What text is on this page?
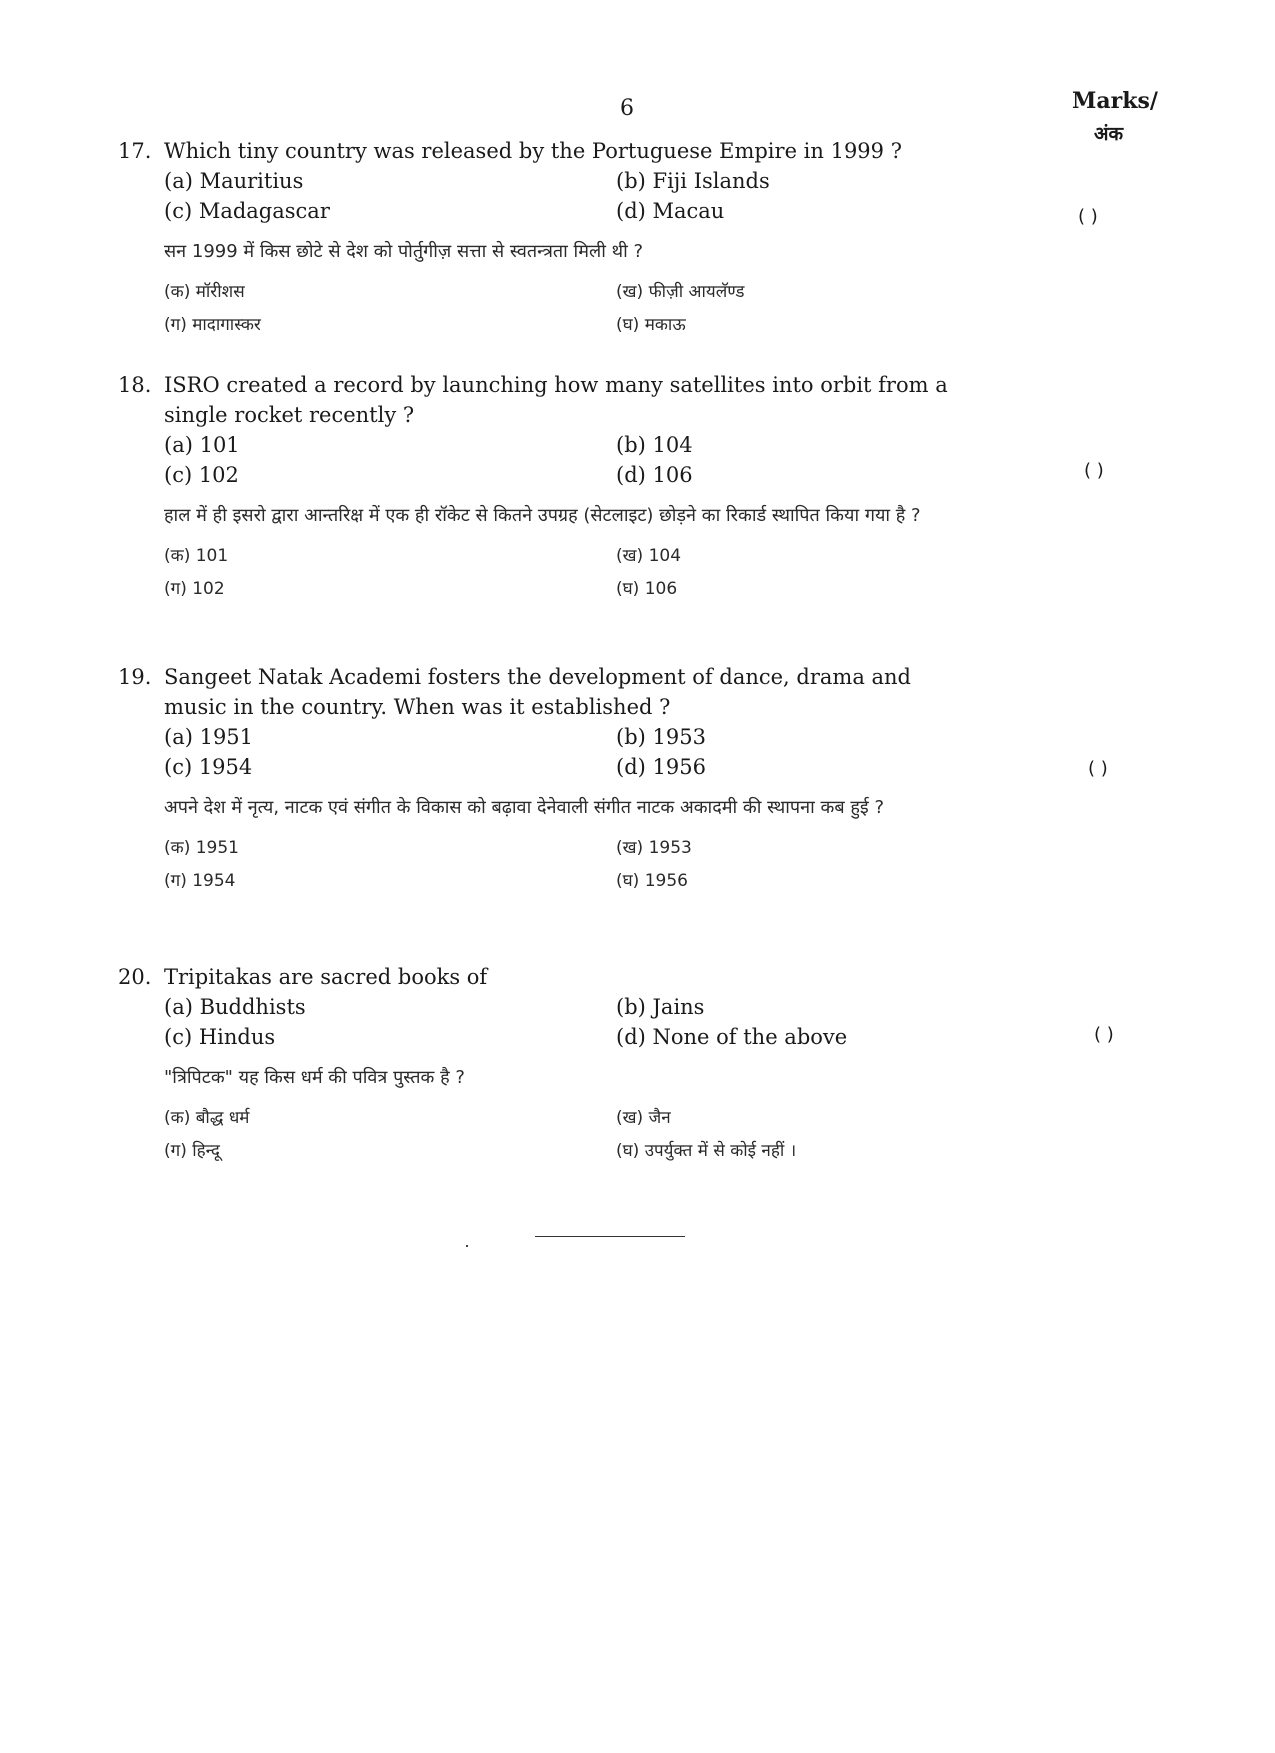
6	Marks/
अंक
17. Which tiny country was released by the Portuguese Empire in 1999 ?
(a) Mauritius	(b) Fiji Islands
(c) Madagascar	(d) Macau
सन 1999 में किस छोटे से देश को पोर्तुगीज़ सत्ता से स्वतन्त्रता मिली थी ?
(क) मॉरीशस	(ख) फीज़ी आयलॅण्ड
(ग) मादागास्कर	(घ) मकाऊ
( )
18. ISRO created a record by launching how many satellites into orbit from a single rocket recently ?
(a) 101	(b) 104
(c) 102	(d) 106
हाल में ही इसरो द्वारा आन्तरिक्ष में एक ही रॉकेट से कितने उपग्रह (सेटलाइट) छोड़ने का रिकार्ड स्थापित किया गया है ?
(क) 101	(ख) 104
(ग) 102	(घ) 106
( )
19. Sangeet Natak Academi fosters the development of dance, drama and music in the country. When was it established ?
(a) 1951	(b) 1953
(c) 1954	(d) 1956
अपने देश में नृत्य, नाटक एवं संगीत के विकास को बढ़ावा देनेवाली संगीत नाटक अकादमी की स्थापना कब हुई ?
(क) 1951	(ख) 1953
(ग) 1954	(घ) 1956
( )
20. Tripitakas are sacred books of
(a) Buddhists	(b) Jains
(c) Hindus	(d) None of the above
"त्रिपिटक" यह किस धर्म की पवित्र पुस्तक है ?
(क) बौद्ध धर्म	(ख) जैन
(ग) हिन्दू	(घ) उपर्युक्त में से कोई नहीं ।
( )
